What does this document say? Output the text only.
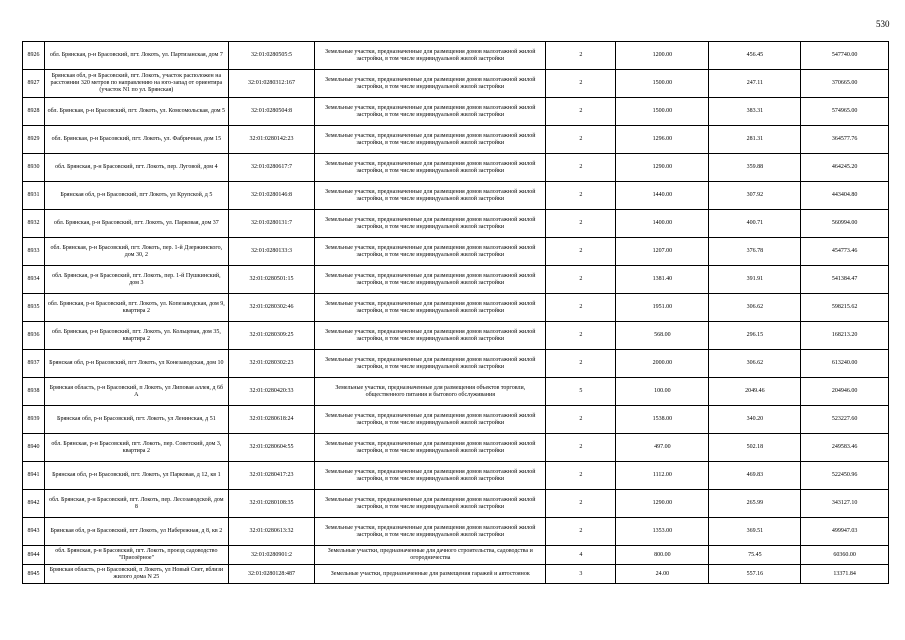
530
8926	обл. Брянская, р-н Брасовский, пгт. Локоть, ул. Партизанская, дом 7	32:01:0280505:5	Земельные участки, предназначенные для размещения домов малоэтажной жилой застройки, в том числе индивидуальной жилой застройки	2	1200.00	456.45	547740.00
8927	Брянская обл, р-н Брасовский, пгт. Локоть, участок расположен на расстоянии 320 метров по направлению на юго-запад от ориентира (участок N1 по ул. Брянская)	32:01:0280312:167	Земельные участки, предназначенные для размещения домов малоэтажной жилой застройки, в том числе индивидуальной жилой застройки	2	1500.00	247.11	370665.00
8928	обл. Брянская, р-н Брасовский, пгт. Локоть, ул. Комсомольская, дом 5	32:01:0280504:8	Земельные участки, предназначенные для размещения домов малоэтажной жилой застройки, в том числе индивидуальной жилой застройки	2	1500.00	383.31	574965.00
8929	обл. Брянская, р-н Брасовский, пгт. Локоть, ул. Фабричная, дом 15	32:01:0280142:23	Земельные участки, предназначенные для размещения домов малоэтажной жилой застройки, в том числе индивидуальной жилой застройки	2	1296.00	281.31	364577.76
8930	обл. Брянская, р-н Брасовский, пгт. Локоть, пер. Луговой, дом 4	32:01:0280617:7	Земельные участки, предназначенные для размещения домов малоэтажной жилой застройки, в том числе индивидуальной жилой застройки	2	1290.00	359.88	464245.20
8931	Брянская обл, р-н Брасовский, пгт Локоть, ул Крупской, д 5	32:01:0280146:8	Земельные участки, предназначенные для размещения домов малоэтажной жилой застройки, в том числе индивидуальной жилой застройки	2	1440.00	307.92	443404.80
8932	обл. Брянская, р-н Брасовский, пгт. Локоть, ул. Парковая, дом 37	32:01:0280131:7	Земельные участки, предназначенные для размещения домов малоэтажной жилой застройки, в том числе индивидуальной жилой застройки	2	1400.00	400.71	560994.00
8933	обл. Брянская, р-н Брасовский, пгт. Локоть, пер. 1-й Дзержинского, дом 30, 2	32:01:0280133:3	Земельные участки, предназначенные для размещения домов малоэтажной жилой застройки, в том числе индивидуальной жилой застройки	2	1207.00	376.78	454773.46
8934	обл. Брянская, р-н Брасовский, пгт. Локоть, пер. 1-й Пушкинский, дом 3	32:01:0280501:15	Земельные участки, предназначенные для размещения домов малоэтажной жилой застройки, в том числе индивидуальной жилой застройки	2	1381.40	391.91	541384.47
8935	обл. Брянская, р-н Брасовский, пгт. Локоть, ул. Копезаводская, дом 9, квартира 2	32:01:0280302:46	Земельные участки, предназначенные для размещения домов малоэтажной жилой застройки, в том числе индивидуальной жилой застройки	2	1951.00	306.62	598215.62
8936	обл. Брянская, р-н Брасовский, пгт. Локоть, ул. Кольцевая, дом 35, квартира 2	32:01:0280309:25	Земельные участки, предназначенные для размещения домов малоэтажной жилой застройки, в том числе индивидуальной жилой застройки	2	568.00	296.15	168213.20
8937	Брянская обл, р-н Брасовский, пгт Локоть, ул Конезаводская, дом 10	32:01:0280302:23	Земельные участки, предназначенные для размещения домов малоэтажной жилой застройки, в том числе индивидуальной жилой застройки	2	2000.00	306.62	613240.00
8938	Брянская область, р-н Брасовский, п Локоть, ул Липовая аллея, д 6б А	32:01:0280420:33	Земельные участки, предназначенные для размещения объектов торговли, общественного питания и бытового обслуживания	5	100.00	2049.46	204946.00
8939	Брянская обл, р-н Брасовский, пгт. Локоть, ул Ленинская, д 51	32:01:0280618:24	Земельные участки, предназначенные для размещения домов малоэтажной жилой застройки, в том числе индивидуальной жилой застройки	2	1538.00	340.20	523227.60
8940	обл. Брянская, р-н Брасовский, пгт. Локоть, пер. Советский, дом 3, квартира 2	32:01:0280604:55	Земельные участки, предназначенные для размещения домов малоэтажной жилой застройки, в том числе индивидуальной жилой застройки	2	497.00	502.18	249583.46
8941	Брянская обл, р-н Брасовский, пгт. Локоть, ул Парковая, д 12, кв 1	32:01:0280417:23	Земельные участки, предназначенные для размещения домов малоэтажной жилой застройки, в том числе индивидуальной жилой застройки	2	1112.00	469.83	522450.96
8942	обл. Брянская, р-н Брасовский, пгт. Локоть, пер. Лесозаводской, дом 8	32:01:0280108:35	Земельные участки, предназначенные для размещения домов малоэтажной жилой застройки, в том числе индивидуальной жилой застройки	2	1290.00	265.99	343127.10
8943	Брянская обл, р-н Брасовский, пгт Локоть, ул Набережная, д 8, кв 2	32:01:0280613:32	Земельные участки, предназначенные для размещения домов малоэтажной жилой застройки, в том числе индивидуальной жилой застройки	2	1353.00	369.51	499947.03
8944	обл. Брянская, р-н Брасовский, пгт. Локоть, проезд садоводство "Приозёрное"	32:01:0280901:2	Земельные участки, предназначенные для дачного строительства, садоводства и огородничества	4	800.00	75.45	60360.00
8945	Брянская область, р-н Брасовский, п Локоть, ул Новый Свет, вблизи жилого дома N 25	32:01:0280128:487	Земельные участки, предназначенные для размещения гаражей и автостоянок	3	24.00	557.16	13371.84
